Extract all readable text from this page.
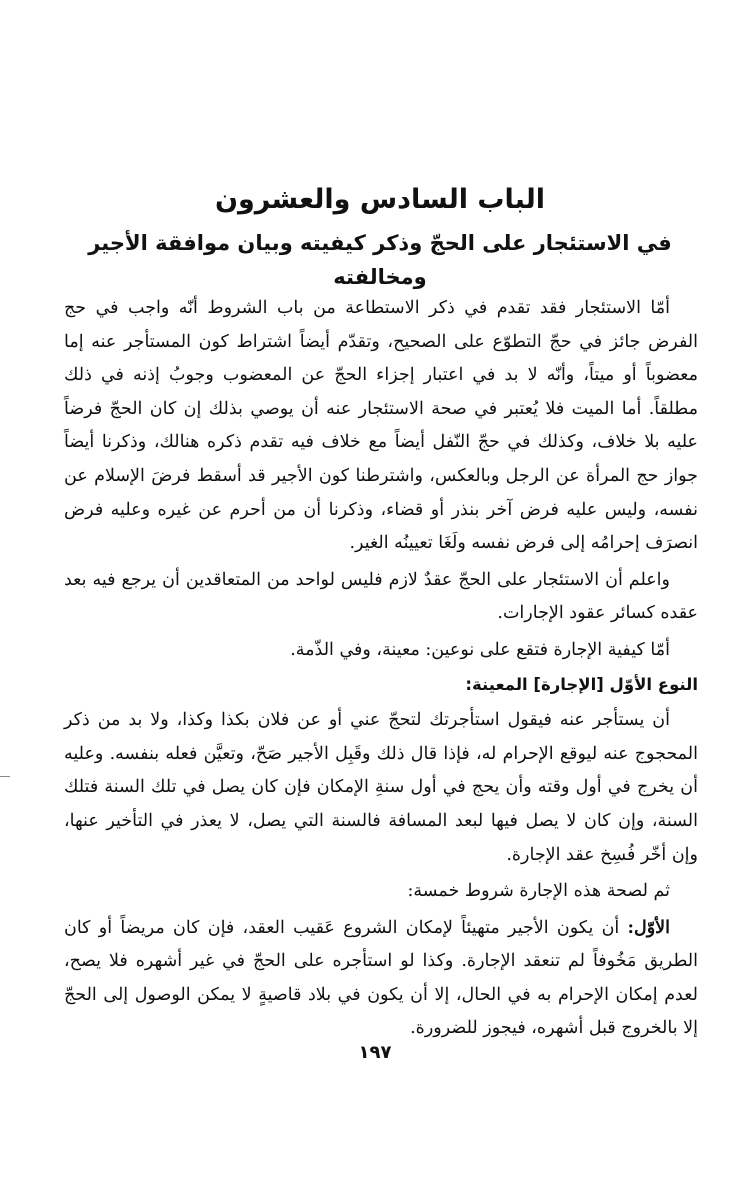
الباب السادس والعشرون
في الاستئجار على الحجّ وذكر كيفيته وبيان موافقة الأجير ومخالفته

أمّا الاستئجار فقد تقدم في ذكر الاستطاعة من باب الشروط أنّه واجب في حج الفرض جائز في حجّ التطوّع على الصحيح، وتقدّم أيضاً اشتراط كون المستأجر عنه إما معضوباً أو ميتاً، وأنّه لا بد في اعتبار إجزاء الحجّ عن المعضوب وجوبُ إذنه في ذلك مطلقاً. أما الميت فلا يُعتبر في صحة الاستئجار عنه أن يوصي بذلك إن كان الحجّ فرضاً عليه بلا خلاف، وكذلك في حجّ النّفل أيضاً مع خلاف فيه تقدم ذكره هنالك، وذكرنا أيضاً جواز حج المرأة عن الرجل وبالعكس، واشترطنا كون الأجير قد أسقط فرضَ الإسلام عن نفسه، وليس عليه فرض آخر بنذر أو قضاء، وذكرنا أن من أحرم عن غيره وعليه فرض انصرَف إحرامُه إلى فرض نفسه ولَغَا تعيينُه الغير.

واعلم أن الاستئجار على الحجّ عقدٌ لازم فليس لواحد من المتعاقدين أن يرجع فيه بعد عقده كسائر عقود الإجارات.

أمّا كيفية الإجارة فتقع على نوعين: معينة، وفي الذّمة.

النوع الأوّل [الإجارة] المعينة:

أن يستأجر عنه فيقول استأجرتك لتحجّ عني أو عن فلان بكذا وكذا، ولا بد من ذكر المحجوج عنه ليوقع الإحرام له، فإذا قال ذلك وقَبِل الأجير صَحّ، وتعيَّن فعله بنفسه. وعليه أن يخرج في أول وقته وأن يحج في أول سنةِ الإمكان فإن كان يصل في تلك السنة فتلك السنة، وإن كان لا يصل فيها لبعد المسافة فالسنة التي يصل، لا يعذر في التأخير عنها، وإن أخّر فُسِخ عقد الإجارة.

ثم لصحة هذه الإجارة شروط خمسة:

الأوّل: أن يكون الأجير متهيئاً لإمكان الشروع عَقيب العقد، فإن كان مريضاً أو كان الطريق مَخُوفاً لم تنعقد الإجارة. وكذا لو استأجره على الحجّ في غير أشهره فلا يصح، لعدم إمكان الإحرام به في الحال، إلا أن يكون في بلاد قاصيةٍ لا يمكن الوصول إلى الحجّ إلا بالخروج قبل أشهره، فيجوز للضرورة.

١٩٧
